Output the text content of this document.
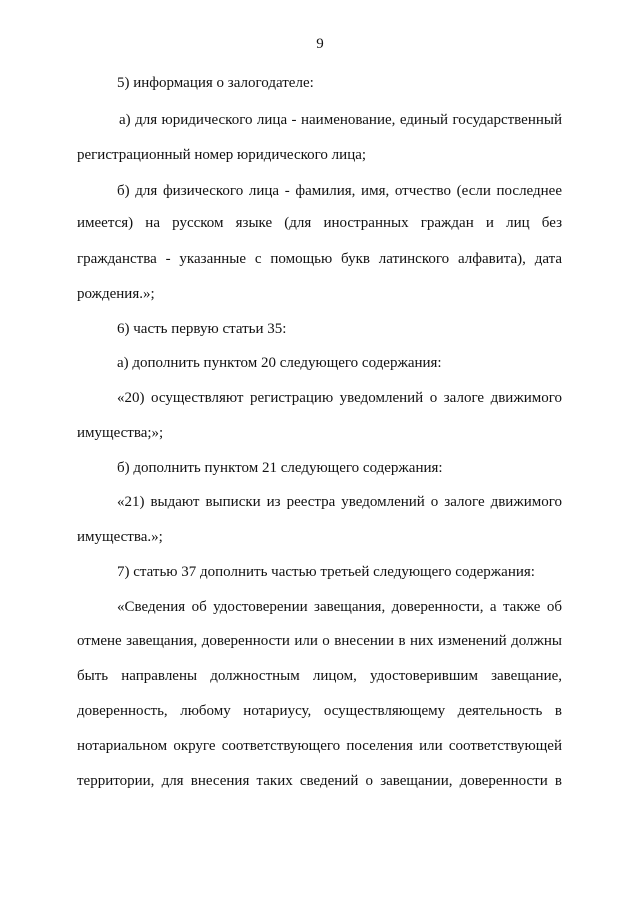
9
5) информация о залогодателе:
а) для юридического лица - наименование, единый государственный
регистрационный номер юридического лица;
б) для физического лица - фамилия, имя, отчество (если последнее
имеется) на русском языке (для иностранных граждан и лиц без
гражданства - указанные с помощью букв латинского алфавита), дата
рождения.»;
6) часть первую статьи 35:
а) дополнить пунктом 20 следующего содержания:
«20) осуществляют регистрацию уведомлений о залоге движимого
имущества;»;
б) дополнить пунктом 21 следующего содержания:
«21) выдают выписки из реестра уведомлений о залоге движимого
имущества.»;
7) статью 37 дополнить частью третьей следующего содержания:
«Сведения об удостоверении завещания, доверенности, а также об
отмене завещания, доверенности или о внесении в них изменений должны
быть направлены должностным лицом, удостоверившим завещание,
доверенность, любому нотариусу, осуществляющему деятельность в
нотариальном округе соответствующего поселения или соответствующей
территории, для внесения таких сведений о завещании, доверенности в
